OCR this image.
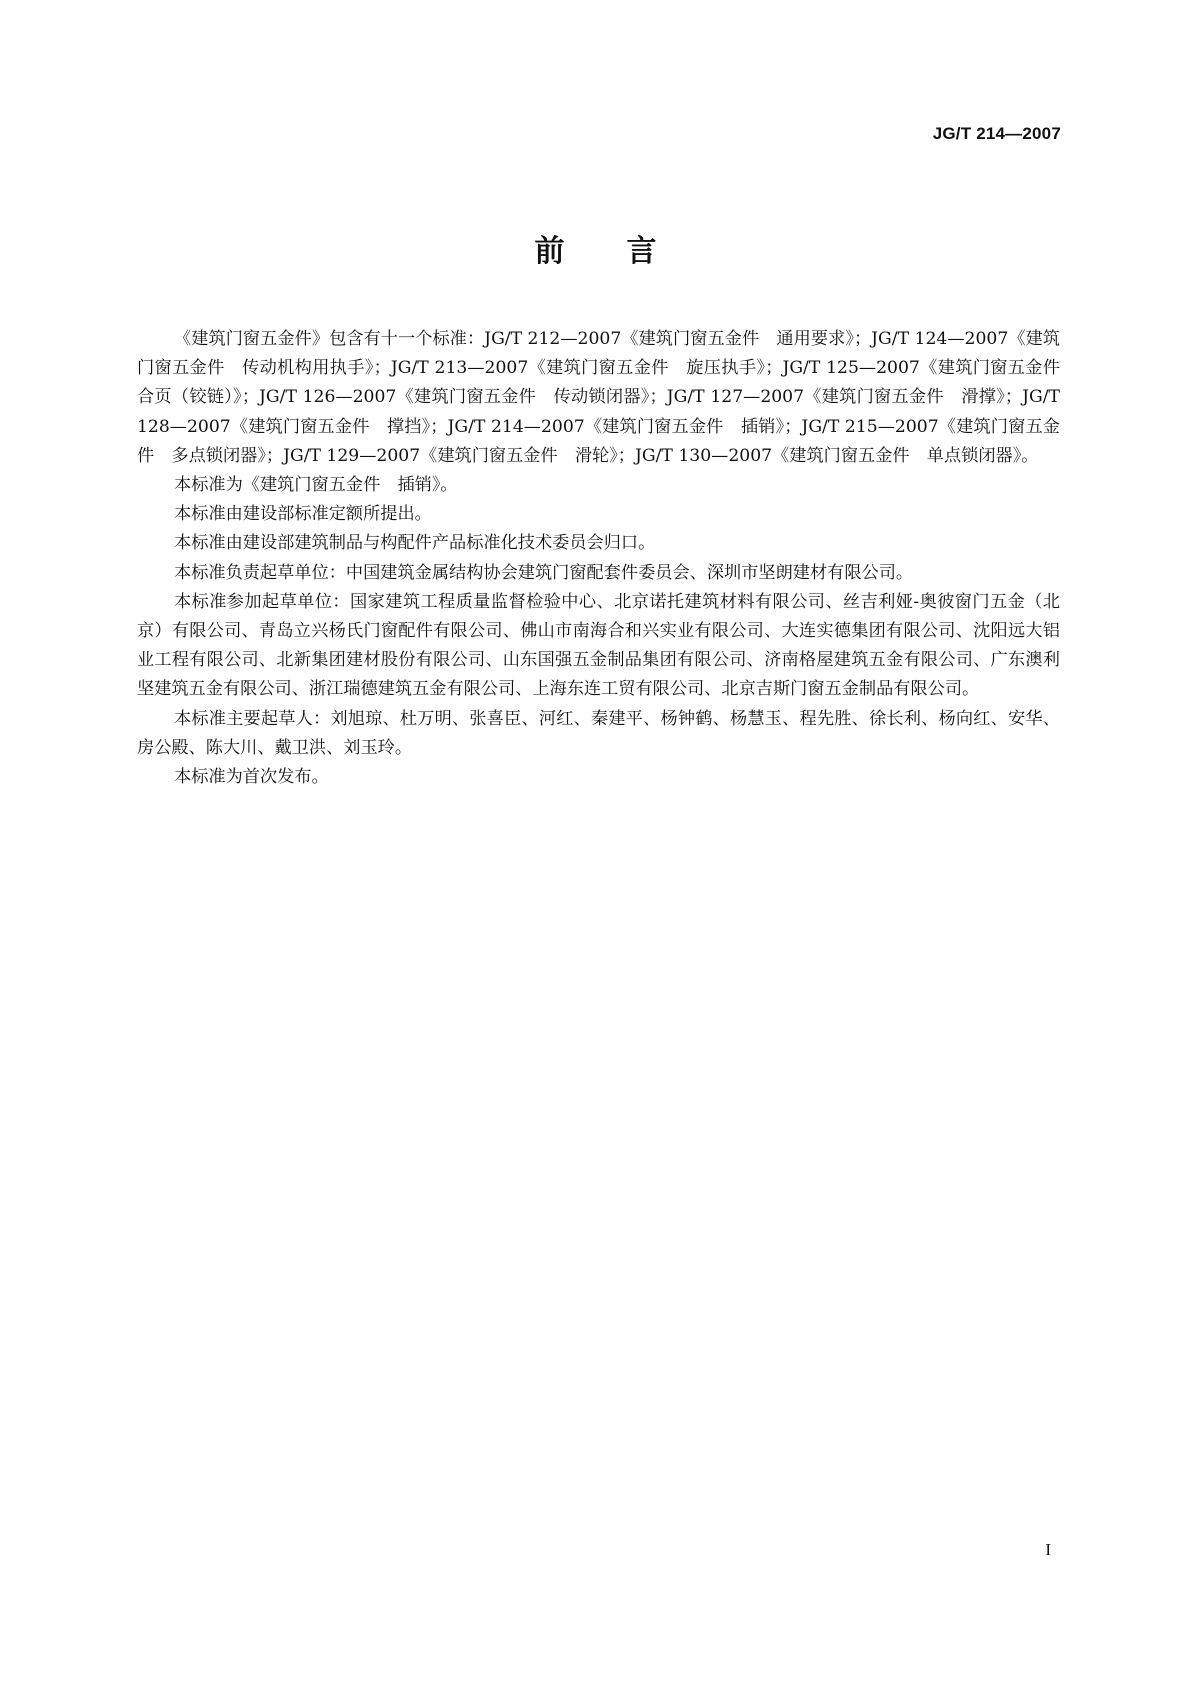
JG/T 214—2007
前 言

《建筑门窗五金件》包含有十一个标准：JG/T 212—2007《建筑门窗五金件　通用要求》；JG/T 124—2007《建筑门窗五金件　传动机构用执手》；JG/T 213—2007《建筑门窗五金件　旋压执手》；JG/T 125—2007《建筑门窗五金件　合页（铰链）》；JG/T 126—2007《建筑门窗五金件　传动锁闭器》；JG/T 127—2007《建筑门窗五金件　滑撑》；JG/T 128—2007《建筑门窗五金件　撑挡》；JG/T 214—2007《建筑门窗五金件　插销》；JG/T 215—2007《建筑门窗五金件　多点锁闭器》；JG/T 129—2007《建筑门窗五金件　滑轮》；JG/T 130—2007《建筑门窗五金件　单点锁闭器》。

本标准为《建筑门窗五金件　插销》。

本标准由建设部标准定额所提出。

本标准由建设部建筑制品与构配件产品标准化技术委员会归口。

本标准负责起草单位：中国建筑金属结构协会建筑门窗配套件委员会、深圳市坚朗建材有限公司。

本标准参加起草单位：国家建筑工程质量监督检验中心、北京诺托建筑材料有限公司、丝吉利娅-奥彼窗门五金（北京）有限公司、青岛立兴杨氏门窗配件有限公司、佛山市南海合和兴实业有限公司、大连实德集团有限公司、沈阳远大铝业工程有限公司、北新集团建材股份有限公司、山东国强五金制品集团有限公司、济南格屋建筑五金有限公司、广东澳利坚建筑五金有限公司、浙江瑞德建筑五金有限公司、上海东连工贸有限公司、北京吉斯门窗五金制品有限公司。

本标准主要起草人：刘旭琼、杜万明、张喜臣、河红、秦建平、杨钟鹤、杨慧玉、程先胜、徐长利、杨向红、安华、房公殿、陈大川、戴卫洪、刘玉玲。

本标准为首次发布。

I
